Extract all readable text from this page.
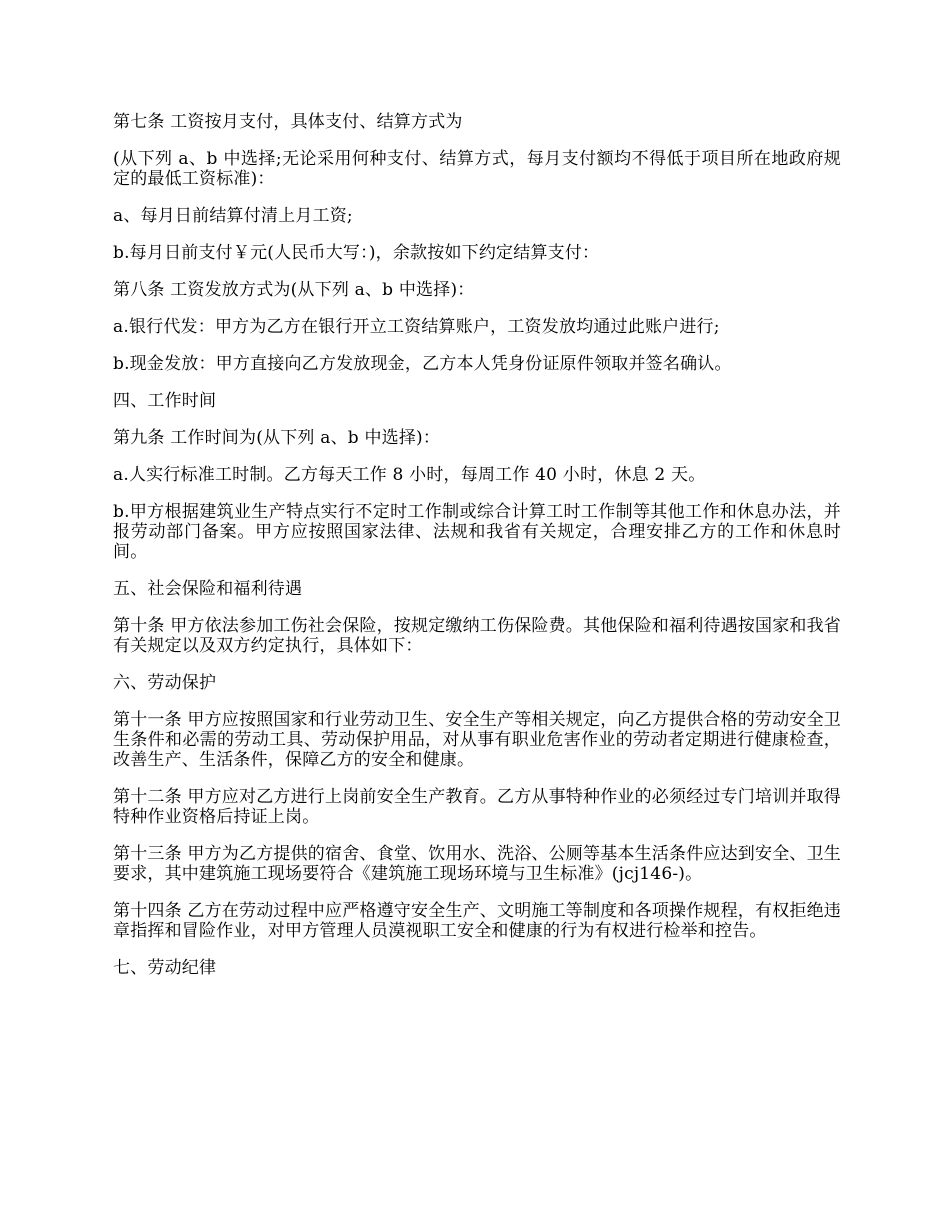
第七条 工资按月支付，具体支付、结算方式为

(从下列 a、b 中选择;无论采用何种支付、结算方式，每月支付额均不得低于项目所在地政府规定的最低工资标准)：

a、每月日前结算付清上月工资;

b.每月日前支付￥元(人民币大写：)，余款按如下约定结算支付：

第八条 工资发放方式为(从下列 a、b 中选择)：

a.银行代发：甲方为乙方在银行开立工资结算账户，工资发放均通过此账户进行;

b.现金发放：甲方直接向乙方发放现金，乙方本人凭身份证原件领取并签名确认。

四、工作时间

第九条 工作时间为(从下列 a、b 中选择)：

a.人实行标准工时制。乙方每天工作 8 小时，每周工作 40 小时，休息 2 天。

b.甲方根据建筑业生产特点实行不定时工作制或综合计算工时工作制等其他工作和休息办法，并报劳动部门备案。甲方应按照国家法律、法规和我省有关规定，合理安排乙方的工作和休息时间。

五、社会保险和福利待遇

第十条 甲方依法参加工伤社会保险，按规定缴纳工伤保险费。其他保险和福利待遇按国家和我省有关规定以及双方约定执行，具体如下：

六、劳动保护

第十一条 甲方应按照国家和行业劳动卫生、安全生产等相关规定，向乙方提供合格的劳动安全卫生条件和必需的劳动工具、劳动保护用品，对从事有职业危害作业的劳动者定期进行健康检查，改善生产、生活条件，保障乙方的安全和健康。

第十二条 甲方应对乙方进行上岗前安全生产教育。乙方从事特种作业的必须经过专门培训并取得特种作业资格后持证上岗。

第十三条 甲方为乙方提供的宿舍、食堂、饮用水、洗浴、公厕等基本生活条件应达到安全、卫生要求，其中建筑施工现场要符合《建筑施工现场环境与卫生标准》(jcj146-)。

第十四条 乙方在劳动过程中应严格遵守安全生产、文明施工等制度和各项操作规程，有权拒绝违章指挥和冒险作业，对甲方管理人员漠视职工安全和健康的行为有权进行检举和控告。

七、劳动纪律
